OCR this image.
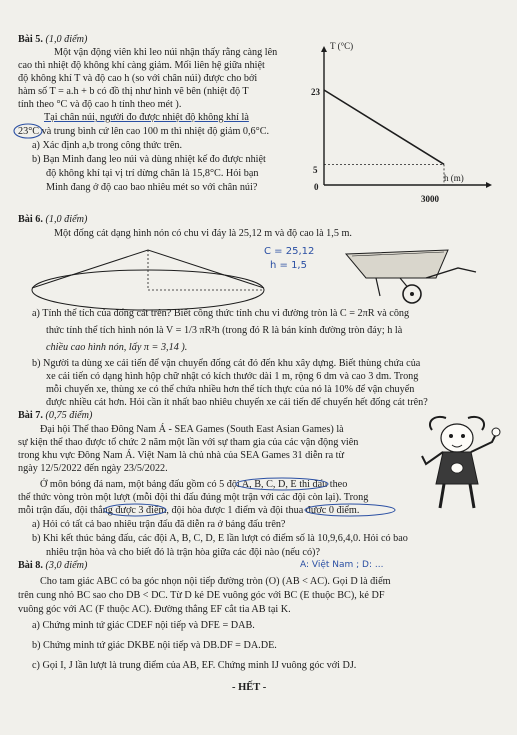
Bài 5. (1,0 điểm)
Một vận động viên khi leo núi nhận thấy rằng càng lên
cao thì nhiệt độ không khí càng giảm. Mối liên hệ giữa nhiệt
độ không khí T và độ cao h (so với chân núi) được cho bởi
hàm số T = a.h + b có đồ thị như hình vẽ bên (nhiệt độ T
tính theo °C và độ cao h tính theo mét ).
Tại chân núi, người đo được nhiệt độ không khí là
23°C và trung bình cứ lên cao 100 m thì nhiệt độ giảm 0,6°C.
a) Xác định a,b trong công thức trên.
b) Bạn Minh đang leo núi và dùng nhiệt kế đo được nhiệt
độ không khí tại vị trí dừng chân là 15,8°C. Hỏi bạn
Minh đang ở độ cao bao nhiêu mét so với chân núi?
T (°C)
23
5
0
h (m)
3000
Bài 6. (1,0 điểm)
Một đống cát dạng hình nón có chu vi đáy là 25,12 m và độ cao là 1,5 m.
C = 25,12
h = 1,5
a) Tính thể tích của đống cát trên? Biết công thức tính chu vi đường tròn là C = 2πR và công
thức tính thể tích hình nón là V = 1/3 πR²h (trong đó R là bán kính đường tròn đáy; h là
chiều cao hình nón, lấy π = 3,14 ).
b) Người ta dùng xe cải tiến để vận chuyển đống cát đó đến khu xây dựng. Biết thùng chứa của
xe cải tiến có dạng hình hộp chữ nhật có kích thước dài 1 m, rộng 6 dm và cao 3 dm. Trong
mỗi chuyến xe, thùng xe có thể chứa nhiều hơn thể tích thực của nó là 10% để vận chuyển
được nhiều cát hơn. Hỏi cần ít nhất bao nhiêu chuyến xe cải tiến để chuyển hết đống cát trên?
Bài 7. (0,75 điểm)
Đại hội Thể thao Đông Nam Á - SEA Games (South East Asian Games) là
sự kiện thể thao được tổ chức 2 năm một lần với sự tham gia của các vận động viên
trong khu vực Đông Nam Á. Việt Nam là chủ nhà của SEA Games 31 diễn ra từ
ngày 12/5/2022 đến ngày 23/5/2022.
Ở môn bóng đá nam, một bảng đấu gồm có 5 đội A, B, C, D, E thi đấu theo
thể thức vòng tròn một lượt (mỗi đội thi đấu đúng một trận với các đội còn lại). Trong
mỗi trận đấu, đội thắng được 3 điểm, đội hòa được 1 điểm và đội thua được 0 điểm.
a) Hỏi có tất cả bao nhiêu trận đấu đã diễn ra ở bảng đấu trên?
b) Khi kết thúc bảng đấu, các đội A, B, C, D, E lần lượt có điểm số là 10,9,6,4,0. Hỏi có bao
nhiêu trận hòa và cho biết đó là trận hòa giữa các đội nào (nếu có)?
A: Việt Nam ; D: ...
Bài 8. (3,0 điểm)
Cho tam giác ABC có ba góc nhọn nội tiếp đường tròn (O) (AB < AC). Gọi D là điểm
trên cung nhỏ BC sao cho DB < DC. Từ D kẻ DE vuông góc với BC (E thuộc BC), kẻ DF
vuông góc với AC (F thuộc AC). Đường thẳng EF cắt tia AB tại K.
a) Chứng minh tứ giác CDEF nội tiếp và DFE = DAB.
b) Chứng minh tứ giác DKBE nội tiếp và DB.DF = DA.DE.
c) Gọi I, J lần lượt là trung điểm của AB, EF. Chứng minh IJ vuông góc với DJ.
- HẾT -
